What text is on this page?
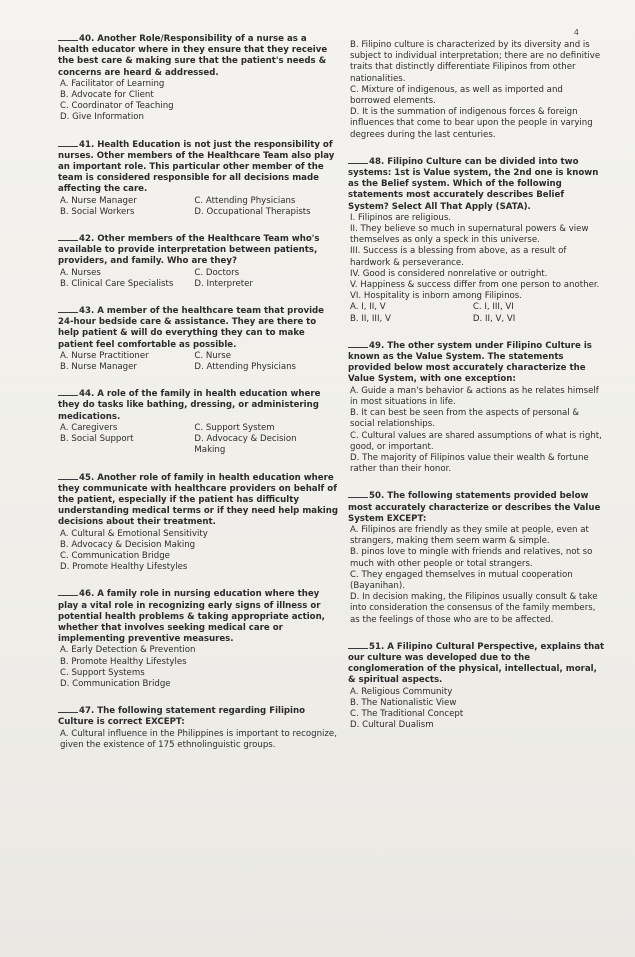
4
40. Another Role/Responsibility of a nurse as a health educator where in they ensure that they receive the best care & making sure that the patient's needs & concerns are heard & addressed.
A. Facilitator of Learning
B. Advocate for Client
C. Coordinator of Teaching
D. Give Information
41. Health Education is not just the responsibility of nurses. Other members of the Healthcare Team also play an important role. This particular other member of the team is considered responsible for all decisions made affecting the care.
A. Nurse Manager	C. Attending Physicians
B. Social Workers	D. Occupational Therapists
42. Other members of the Healthcare Team who's available to provide interpretation between patients, providers, and family. Who are they?
A. Nurses	C. Doctors
B. Clinical Care Specialists	D. Interpreter
43. A member of the healthcare team that provide 24-hour bedside care & assistance. They are there to help patient & will do everything they can to make patient feel comfortable as possible.
A. Nurse Practitioner	C. Nurse
B. Nurse Manager	D. Attending Physicians
44. A role of the family in health education where they do tasks like bathing, dressing, or administering medications.
A. Caregivers	C. Support System
B. Social Support	D. Advocacy & Decision Making
45. Another role of family in health education where they communicate with healthcare providers on behalf of the patient, especially if the patient has difficulty understanding medical terms or if they need help making decisions about their treatment.
A. Cultural & Emotional Sensitivity
B. Advocacy & Decision Making
C. Communication Bridge
D. Promote Healthy Lifestyles
46. A family role in nursing education where they play a vital role in recognizing early signs of illness or potential health problems & taking appropriate action, whether that involves seeking medical care or implementing preventive measures.
A. Early Detection & Prevention
B. Promote Healthy Lifestyles
C. Support Systems
D. Communication Bridge
47. The following statement regarding Filipino Culture is correct EXCEPT:
A. Cultural influence in the Philippines is important to recognize, given the existence of 175 ethnolinguistic groups.
B. Filipino culture is characterized by its diversity and is subject to individual interpretation; there are no definitive traits that distinctly differentiate Filipinos from other nationalities.
C. Mixture of indigenous, as well as imported and borrowed elements.
D. It is the summation of indigenous forces & foreign influences that come to bear upon the people in varying degrees during the last centuries.
48. Filipino Culture can be divided into two systems: 1st is Value system, the 2nd one is known as the Belief system. Which of the following statements most accurately describes Belief System? Select All That Apply (SATA).
I. Filipinos are religious.
II. They believe so much in supernatural powers & view themselves as only a speck in this universe.
III. Success is a blessing from above, as a result of hardwork & perseverance.
IV. Good is considered nonrelative or outright.
V. Happiness & success differ from one person to another.
VI. Hospitality is inborn among Filipinos.
A. I, II, V	C. I, III, VI
B. II, III, V	D. II, V, VI
49. The other system under Filipino Culture is known as the Value System. The statements provided below most accurately characterize the Value System, with one exception:
A. Guide a man's behavior & actions as he relates himself in most situations in life.
B. It can best be seen from the aspects of personal & social relationships.
C. Cultural values are shared assumptions of what is right, good, or important.
D. The majority of Filipinos value their wealth & fortune rather than their honor.
50. The following statements provided below most accurately characterize or describes the Value System EXCEPT:
A. Filipinos are friendly as they smile at people, even at strangers, making them seem warm & simple.
B. pinos love to mingle with friends and relatives, not so much with other people or total strangers.
C. They engaged themselves in mutual cooperation (Bayanihan).
D. In decision making, the Filipinos usually consult & take into consideration the consensus of the family members, as the feelings of those who are to be affected.
51. A Filipino Cultural Perspective, explains that our culture was developed due to the conglomeration of the physical, intellectual, moral, & spiritual aspects.
A. Religious Community
B. The Nationalistic View
C. The Traditional Concept
D. Cultural Dualism
